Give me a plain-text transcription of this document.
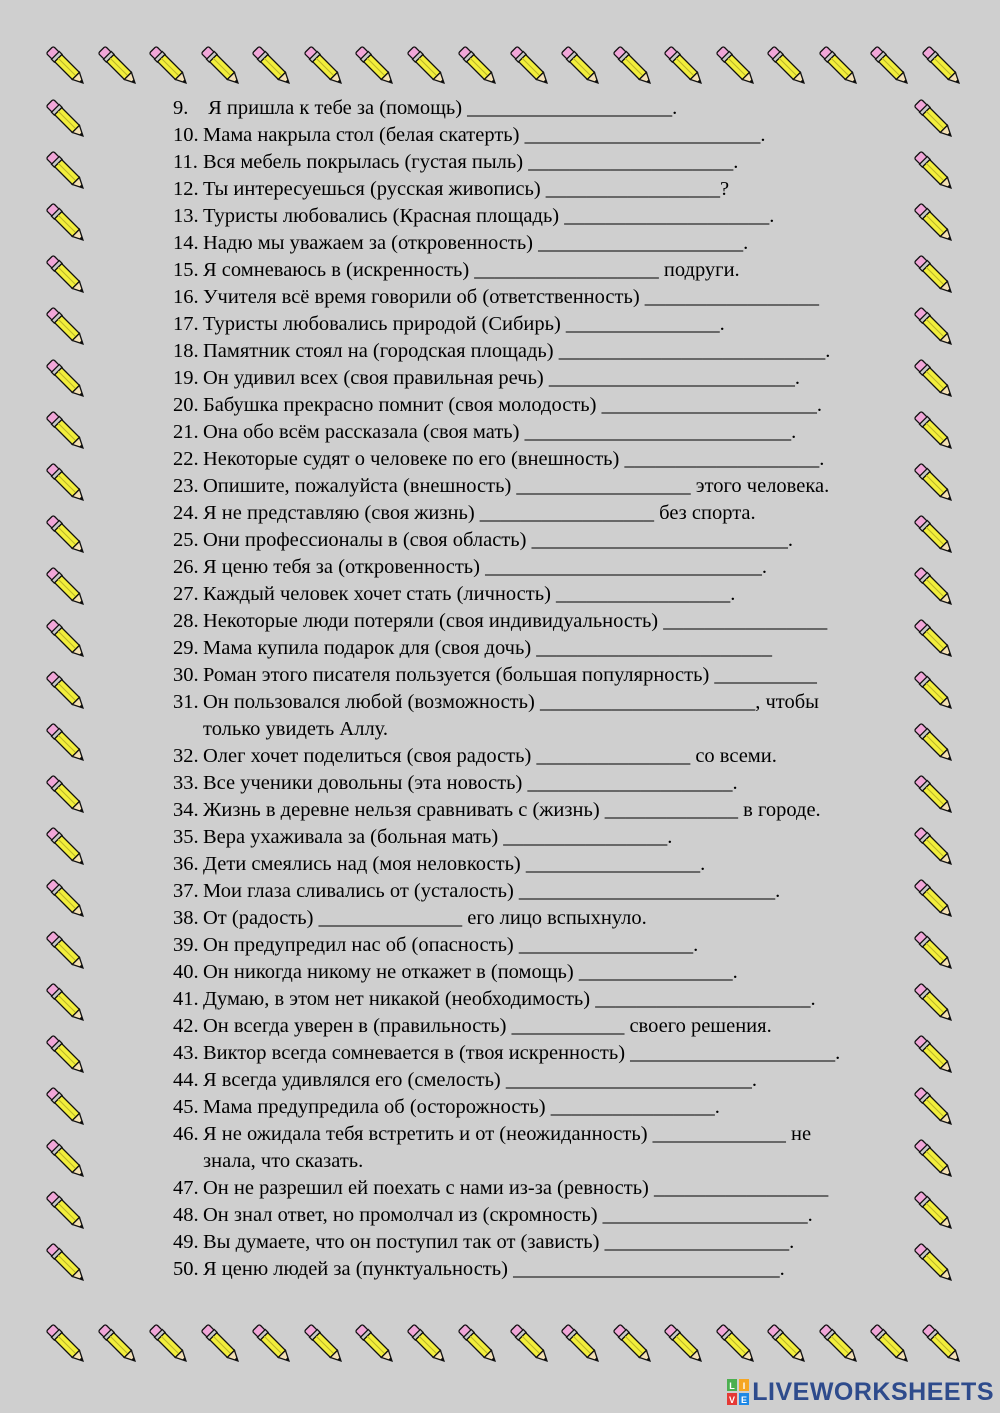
9. Я пришла к тебе за (помощь) ____________________.
10. Мама накрыла стол (белая скатерть) _______________________.
11. Вся мебель покрылась (густая пыль) ____________________.
12. Ты интересуешься (русская живопись) _________________?
13. Туристы любовались (Красная площадь) ____________________.
14. Надю мы уважаем за (откровенность) ____________________.
15. Я сомневаюсь в (искренность) __________________ подруги.
16. Учителя всё время говорили об (ответственность) _________________
17. Туристы любовались природой (Сибирь) _______________.
18. Памятник стоял на (городская площадь) __________________________.
19. Он удивил всех (своя правильная речь) ________________________.
20. Бабушка прекрасно помнит (своя молодость) _____________________.
21. Она обо всём рассказала (своя мать) __________________________.
22. Некоторые судят о человеке по его (внешность) ___________________.
23. Опишите, пожалуйста (внешность) _________________ этого человека.
24. Я не представляю (своя жизнь) _________________ без спорта.
25. Они профессионалы в (своя область) _________________________.
26. Я ценю тебя за (откровенность) ___________________________.
27. Каждый человек хочет стать (личность) _________________.
28. Некоторые люди потеряли (своя индивидуальность) ________________
29. Мама купила подарок для (своя дочь) _______________________
30. Роман этого писателя пользуется (большая популярность) __________
31. Он пользовался любой (возможность) _____________________, чтобы
только увидеть Аллу.
32. Олег хочет поделиться (своя радость) _______________ со всеми.
33. Все ученики довольны (эта новость) ____________________.
34. Жизнь в деревне нельзя сравнивать с (жизнь) _____________ в городе.
35. Вера ухаживала за (больная мать) ________________.
36. Дети смеялись над (моя неловкость) _________________.
37. Мои глаза сливались от (усталость) _________________________.
38. От (радость) ______________ его лицо вспыхнуло.
39. Он предупредил нас об (опасность) _________________.
40. Он никогда никому не откажет в (помощь) _______________.
41. Думаю, в этом нет никакой (необходимость) _____________________.
42. Он всегда уверен в (правильность) ___________ своего решения.
43. Виктор всегда сомневается в (твоя искренность) ____________________.
44. Я всегда удивлялся его (смелость) ________________________.
45. Мама предупредила об (осторожность) ________________.
46. Я не ожидала тебя встретить и от (неожиданность) _____________ не
знала, что сказать.
47. Он не разрешил ей поехать с нами из-за (ревность) _________________
48. Он знал ответ, но промолчал из (скромность) ____________________.
49. Вы думаете, что он поступил так от (зависть) __________________.
50. Я ценю людей за (пунктуальность) __________________________.
L I
V E LIVEWORKSHEETS
